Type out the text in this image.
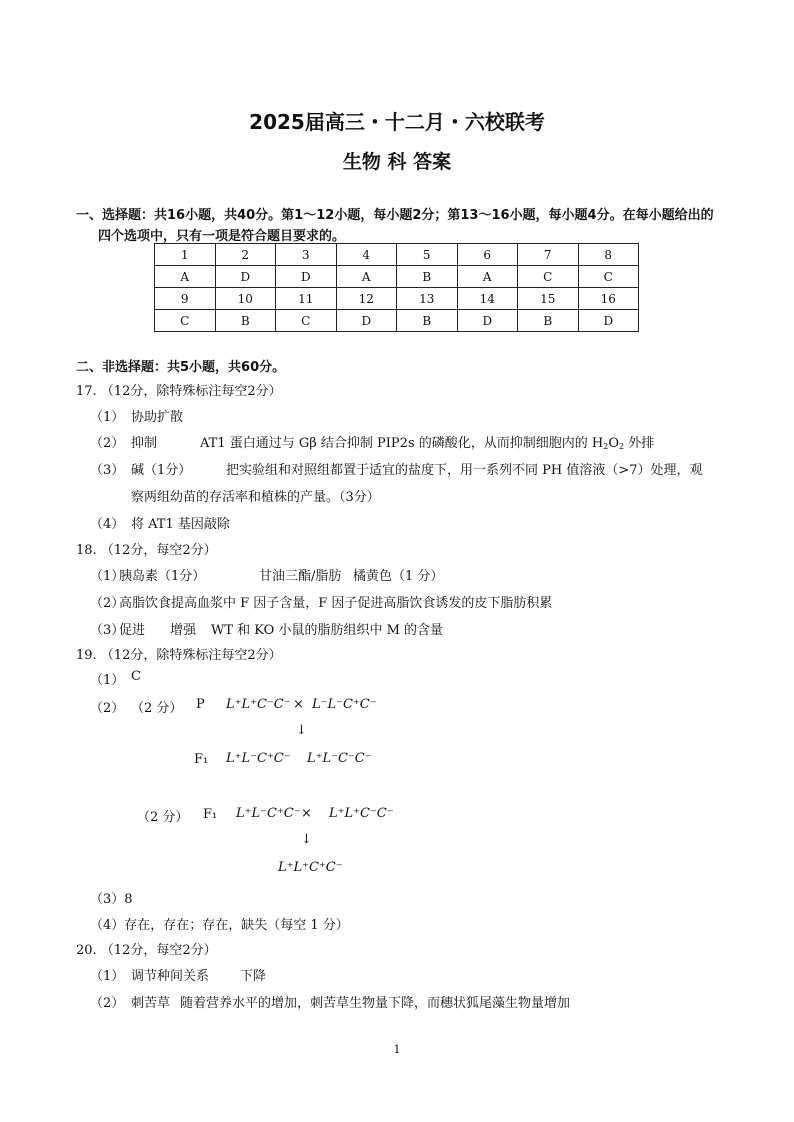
2025届高三・十二月・六校联考
生物 科 答案
一、选择题：共16小题，共40分。第1～12小题，每小题2分；第13～16小题，每小题4分。在每小题给出的
四个选项中，只有一项是符合题目要求的。
1	2	3	4	5	6	7	8
A	D	D	A	B	A	C	C
9	10	11	12	13	14	15	16
C	B	C	D	B	D	B	D
二、非选择题：共5小题，共60分。
17. （12分，除特殊标注每空2分）
（1） 协助扩散
（2） 抑制	AT1 蛋白通过与 Gβ 结合抑制 PIP2s 的磷酸化，从而抑制细胞内的 $H_2O_2$ 外排
（3） 碱（1分）	把实验组和对照组都置于适宜的盐度下，用一系列不同 PH 值溶液（>7）处理，观
察两组幼苗的存活率和植株的产量。（3分）
（4） 将 AT1 基因敲除
18. （12分，每空2分）
（1）
胰岛素（1分）	甘油三酯/脂肪 橘黄色（1 分）
（2）
高脂饮食提高血浆中 F 因子含量，F 因子促进高脂饮食诱发的皮下脂肪积累
（3）
促进 增强 WT 和 KO 小鼠的脂肪组织中 M 的含量
19. （12分，除特殊标注每空2分）
（1） C
（2） （2 分） P L⁺L⁺C⁻C⁻ × L⁻L⁻C⁺C⁻
↓
F₁ L⁺L⁻C⁺C⁻ L⁺L⁻C⁻C⁻
（2 分） F₁ L⁺L⁻C⁺C⁻ × L⁺L⁺C⁻C⁻
↓
L⁺L⁺C⁺C⁻
（3）8
（4）存在，存在；存在，缺失（每空 1 分）
20. （12分，每空2分）
（1） 调节种间关系 下降
（2） 刺苦草 随着营养水平的增加，刺苦草生物量下降，而穗状狐尾藻生物量增加
1
